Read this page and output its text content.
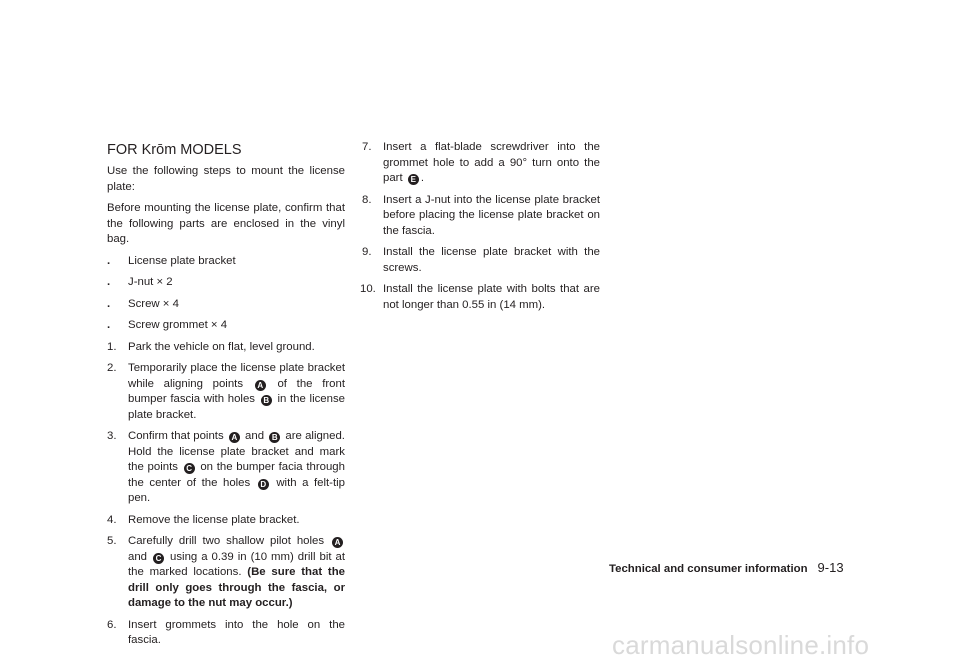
FOR Krōm MODELS

Use the following steps to mount the license plate:

Before mounting the license plate, confirm that the following parts are enclosed in the vinyl bag.

. License plate bracket
. J-nut × 2
. Screw × 4
. Screw grommet × 4
1. Park the vehicle on flat, level ground.
2. Temporarily place the license plate bracket while aligning points A of the front bumper fascia with holes B in the license plate bracket.
3. Confirm that points A and B are aligned. Hold the license plate bracket and mark the points C on the bumper facia through the center of the holes D with a felt-tip pen.
4. Remove the license plate bracket.
5. Carefully drill two shallow pilot holes A and C using a 0.39 in (10 mm) drill bit at the marked locations. (Be sure that the drill only goes through the fascia, or damage to the nut may occur.)
6. Insert grommets into the hole on the fascia.
7. Insert a flat-blade screwdriver into the grommet hole to add a 90° turn onto the part E .
8. Insert a J-nut into the license plate bracket before placing the license plate bracket on the fascia.
9. Install the license plate bracket with the screws.
10. Install the license plate with bolts that are not longer than 0.55 in (14 mm).
Technical and consumer information 9-13
carmanualsonline.info
